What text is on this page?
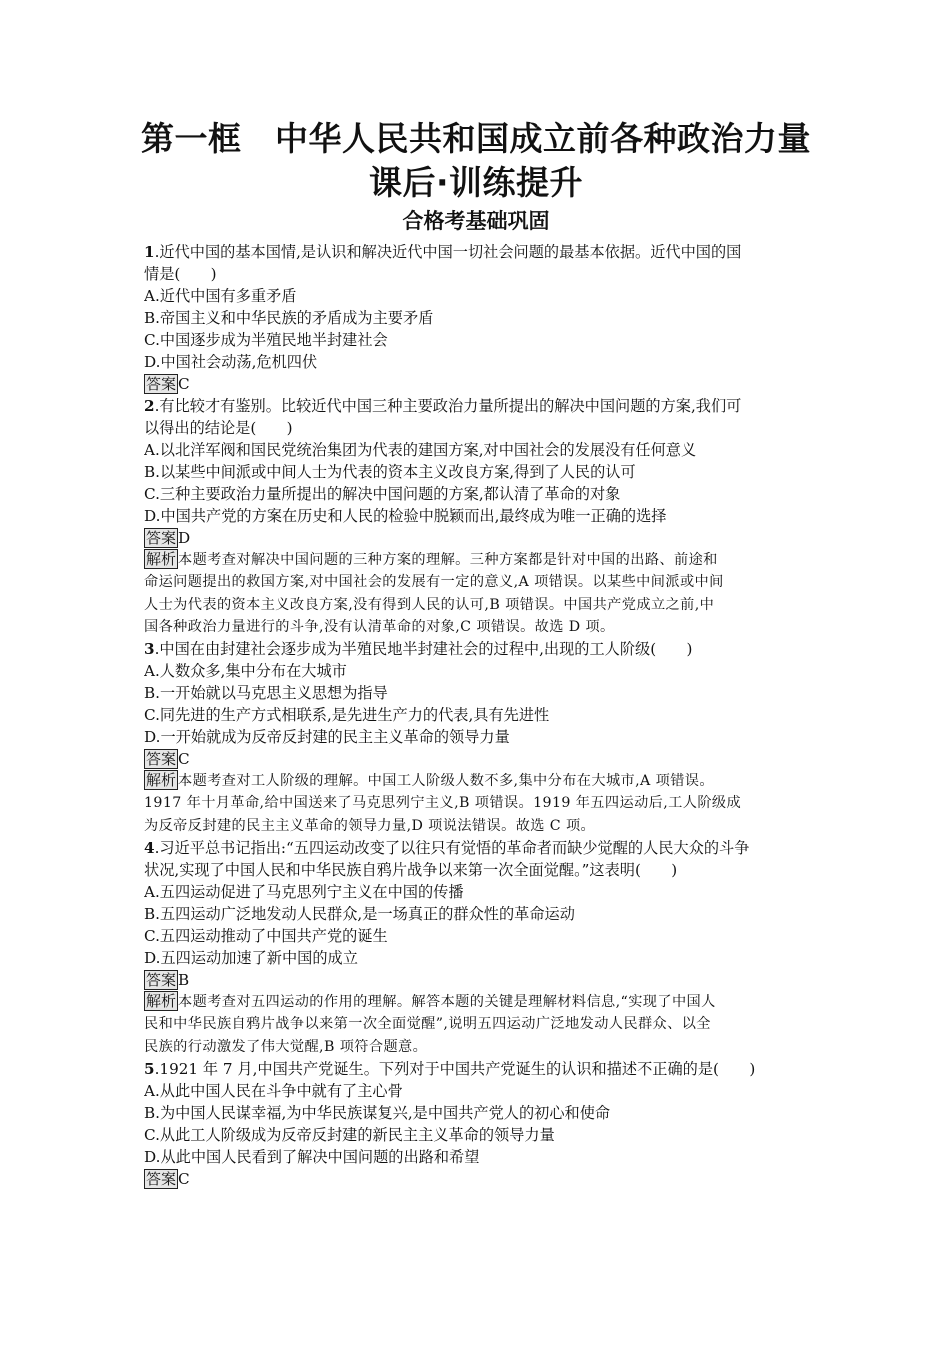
第一框　中华人民共和国成立前各种政治力量
课后·训练提升
合格考基础巩固
1.近代中国的基本国情,是认识和解决近代中国一切社会问题的最基本依据。近代中国的国
情是(　　)
A.近代中国有多重矛盾
B.帝国主义和中华民族的矛盾成为主要矛盾
C.中国逐步成为半殖民地半封建社会
D.中国社会动荡,危机四伏
答案 C
2.有比较才有鉴别。比较近代中国三种主要政治力量所提出的解决中国问题的方案,我们可
以得出的结论是(　　)
A.以北洋军阀和国民党统治集团为代表的建国方案,对中国社会的发展没有任何意义
B.以某些中间派或中间人士为代表的资本主义改良方案,得到了人民的认可
C.三种主要政治力量所提出的解决中国问题的方案,都认清了革命的对象
D.中国共产党的方案在历史和人民的检验中脱颖而出,最终成为唯一正确的选择
答案 D
解析 本题考查对解决中国问题的三种方案的理解。三种方案都是针对中国的出路、前途和
命运问题提出的救国方案,对中国社会的发展有一定的意义,A 项错误。以某些中间派或中间
人士为代表的资本主义改良方案,没有得到人民的认可,B 项错误。中国共产党成立之前,中
国各种政治力量进行的斗争,没有认清革命的对象,C 项错误。故选 D 项。
3.中国在由封建社会逐步成为半殖民地半封建社会的过程中,出现的工人阶级(　　)
A.人数众多,集中分布在大城市
B.一开始就以马克思主义思想为指导
C.同先进的生产方式相联系,是先进生产力的代表,具有先进性
D.一开始就成为反帝反封建的民主主义革命的领导力量
答案 C
解析 本题考查对工人阶级的理解。中国工人阶级人数不多,集中分布在大城市,A 项错误。
1917 年十月革命,给中国送来了马克思列宁主义,B 项错误。1919 年五四运动后,工人阶级成
为反帝反封建的民主主义革命的领导力量,D 项说法错误。故选 C 项。
4.习近平总书记指出:“五四运动改变了以往只有觉悟的革命者而缺少觉醒的人民大众的斗争
状况,实现了中国人民和中华民族自鸦片战争以来第一次全面觉醒。”这表明(　　)
A.五四运动促进了马克思列宁主义在中国的传播
B.五四运动广泛地发动人民群众,是一场真正的群众性的革命运动
C.五四运动推动了中国共产党的诞生
D.五四运动加速了新中国的成立
答案 B
解析 本题考查对五四运动的作用的理解。解答本题的关键是理解材料信息,“实现了中国人
民和中华民族自鸦片战争以来第一次全面觉醒”,说明五四运动广泛地发动人民群众、以全
民族的行动激发了伟大觉醒,B 项符合题意。
5.1921 年 7 月,中国共产党诞生。下列对于中国共产党诞生的认识和描述不正确的是(　　)
A.从此中国人民在斗争中就有了主心骨
B.为中国人民谋幸福,为中华民族谋复兴,是中国共产党人的初心和使命
C.从此工人阶级成为反帝反封建的新民主主义革命的领导力量
D.从此中国人民看到了解决中国问题的出路和希望
答案 C
